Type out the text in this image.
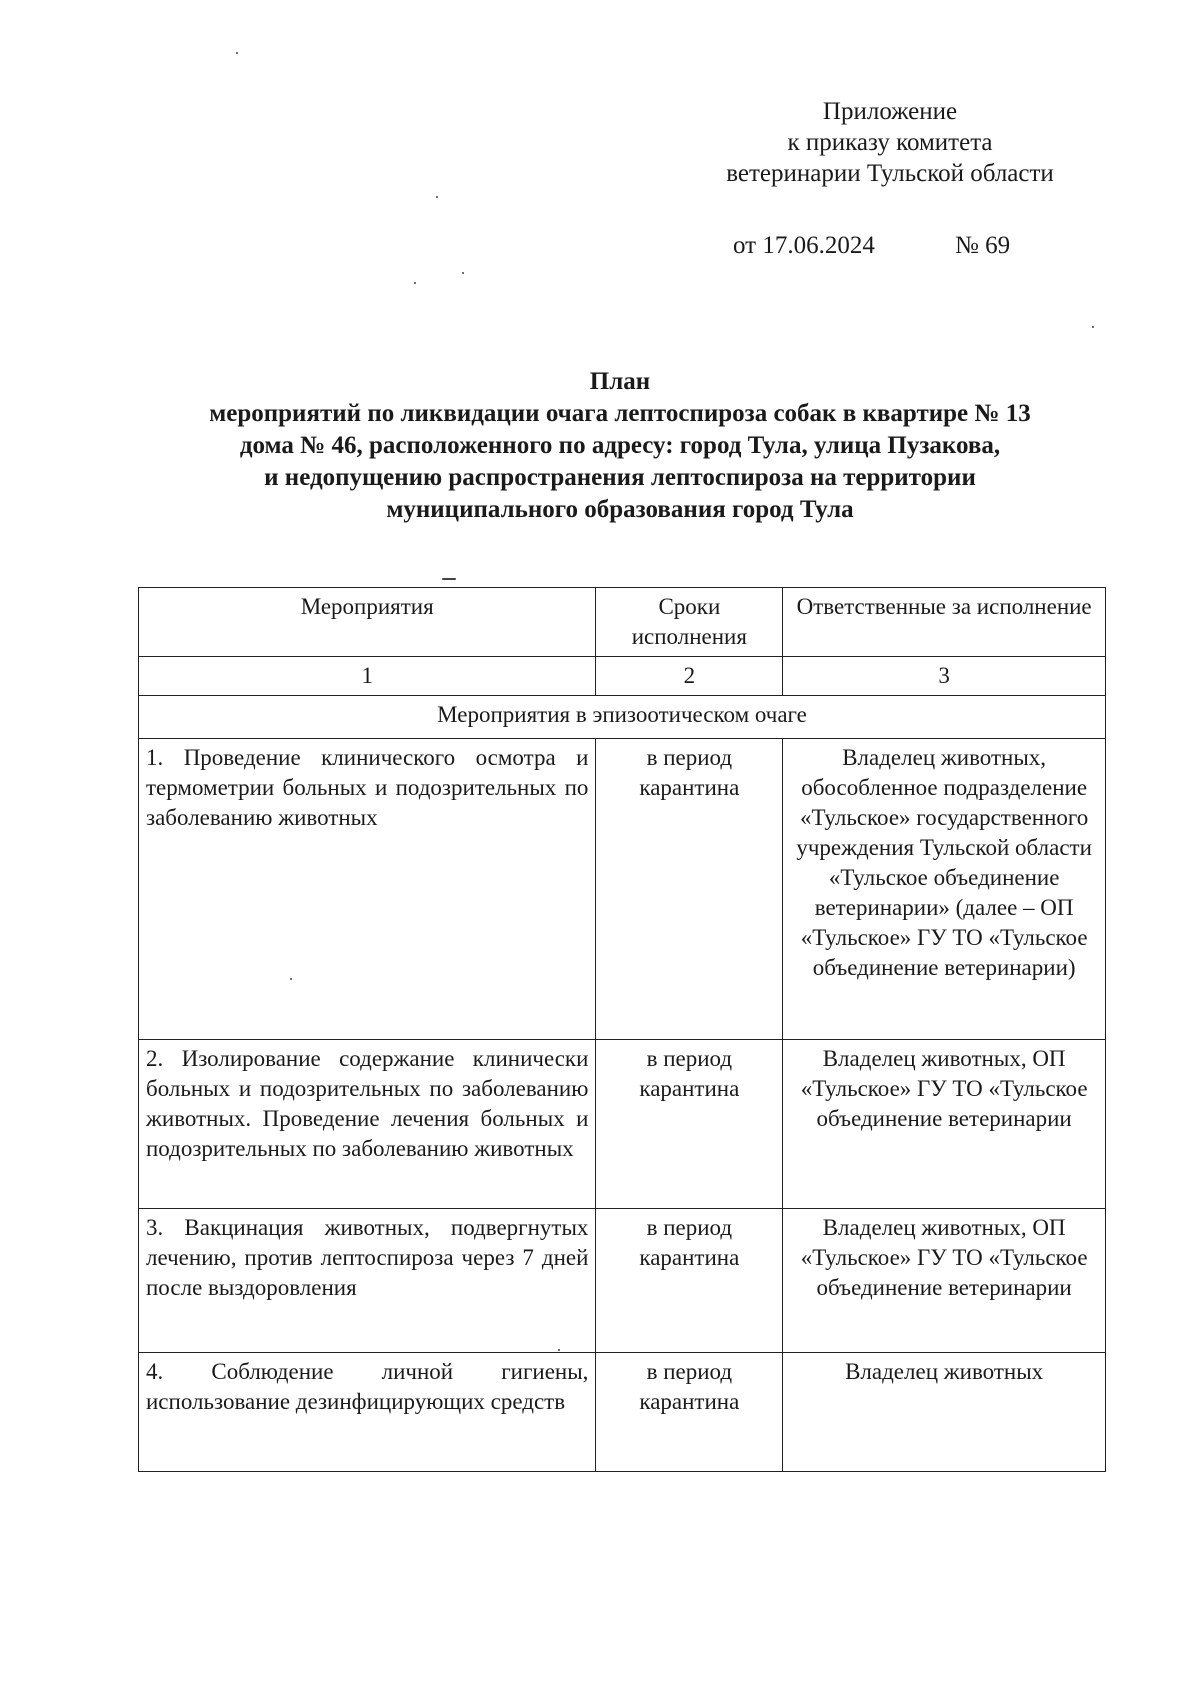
Приложение
к приказу комитета
ветеринарии Тульской области
от 17.06.2024	№ 69
План
мероприятий по ликвидации очага лептоспироза собак в квартире № 13
дома № 46, расположенного по адресу: город Тула, улица Пузакова,
и недопущению распространения лептоспироза на территории
муниципального образования город Тула
Мероприятия	Сроки исполнения	Ответственные за исполнение
1	2	3
Мероприятия в эпизоотическом очаге		
1. Проведение клинического осмотра и термометрии больных и подозрительных по заболеванию животных	в период карантина	Владелец животных, обособленное подразделение «Тульское» государственного учреждения Тульской области «Тульское объединение ветеринарии» (далее – ОП «Тульское» ГУ ТО «Тульское объединение ветеринарии)
2. Изолирование содержание клинически больных и подозрительных по заболеванию животных. Проведение лечения больных и подозрительных по заболеванию животных	в период карантина	Владелец животных, ОП «Тульское» ГУ ТО «Тульское объединение ветеринарии
3. Вакцинация животных, подвергнутых лечению, против лептоспироза через 7 дней после выздоровления	в период карантина	Владелец животных, ОП «Тульское» ГУ ТО «Тульское объединение ветеринарии
4. Соблюдение личной гигиены, использование дезинфицирующих средств	в период карантина	Владелец животных
